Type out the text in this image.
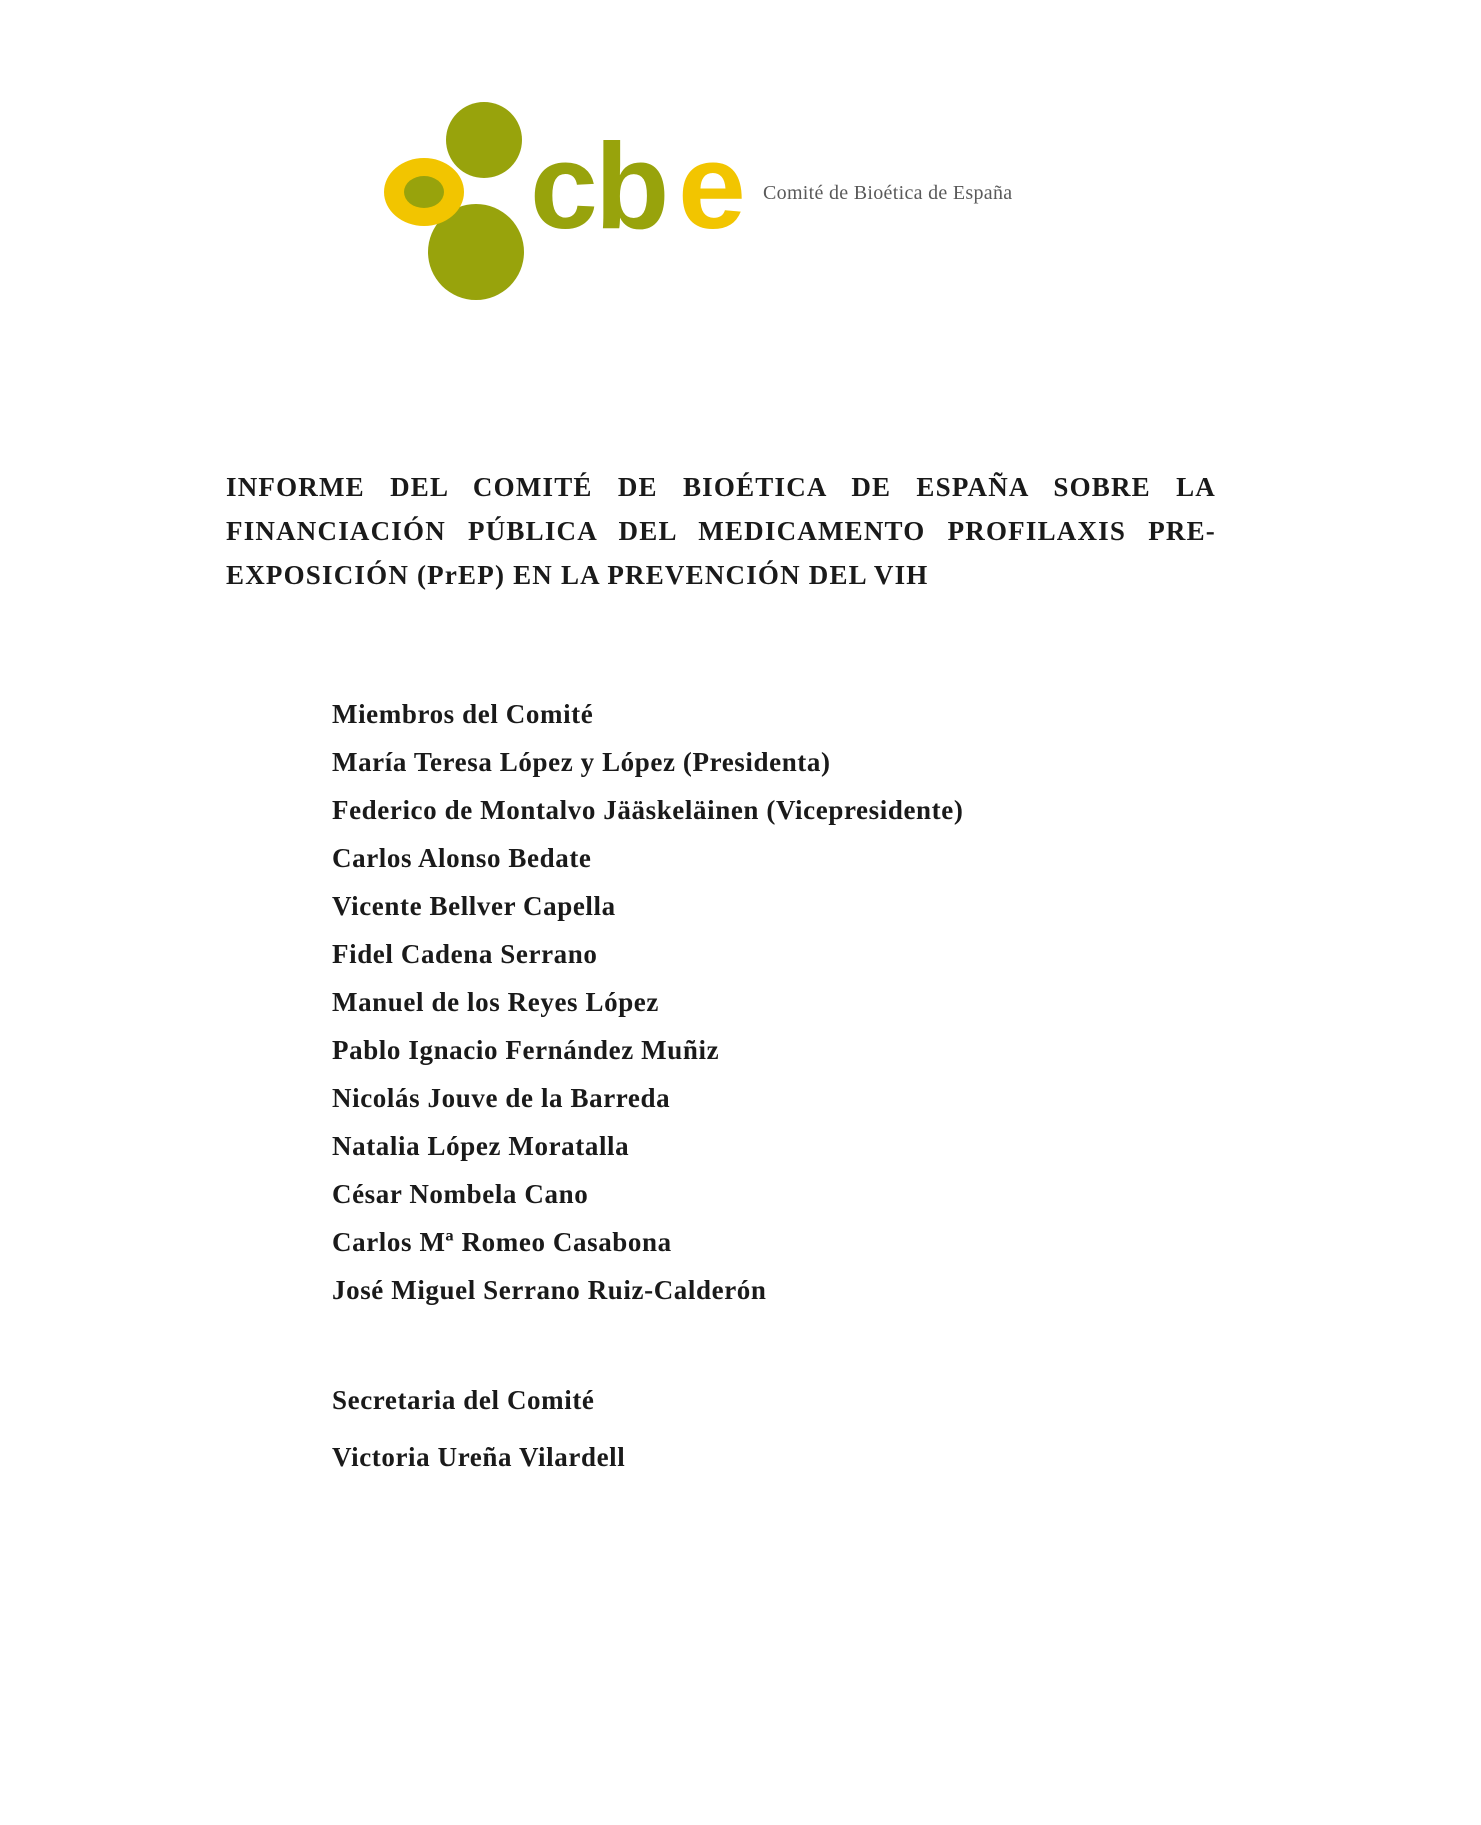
cb e Comité de Bioética de España
INFORME DEL COMITÉ DE BIOÉTICA DE ESPAÑA SOBRE LA
FINANCIACIÓN PÚBLICA DEL MEDICAMENTO PROFILAXIS PRE-
EXPOSICIÓN (PrEP) EN LA PREVENCIÓN DEL VIH

Miembros del Comité

María Teresa López y López (Presidenta)
Federico de Montalvo Jääskeläinen (Vicepresidente)
Carlos Alonso Bedate
Vicente Bellver Capella
Fidel Cadena Serrano
Manuel de los Reyes López
Pablo Ignacio Fernández Muñiz
Nicolás Jouve de la Barreda
Natalia López Moratalla
César Nombela Cano
Carlos Mª Romeo Casabona
José Miguel Serrano Ruiz-Calderón

Secretaria del Comité

Victoria Ureña Vilardell
